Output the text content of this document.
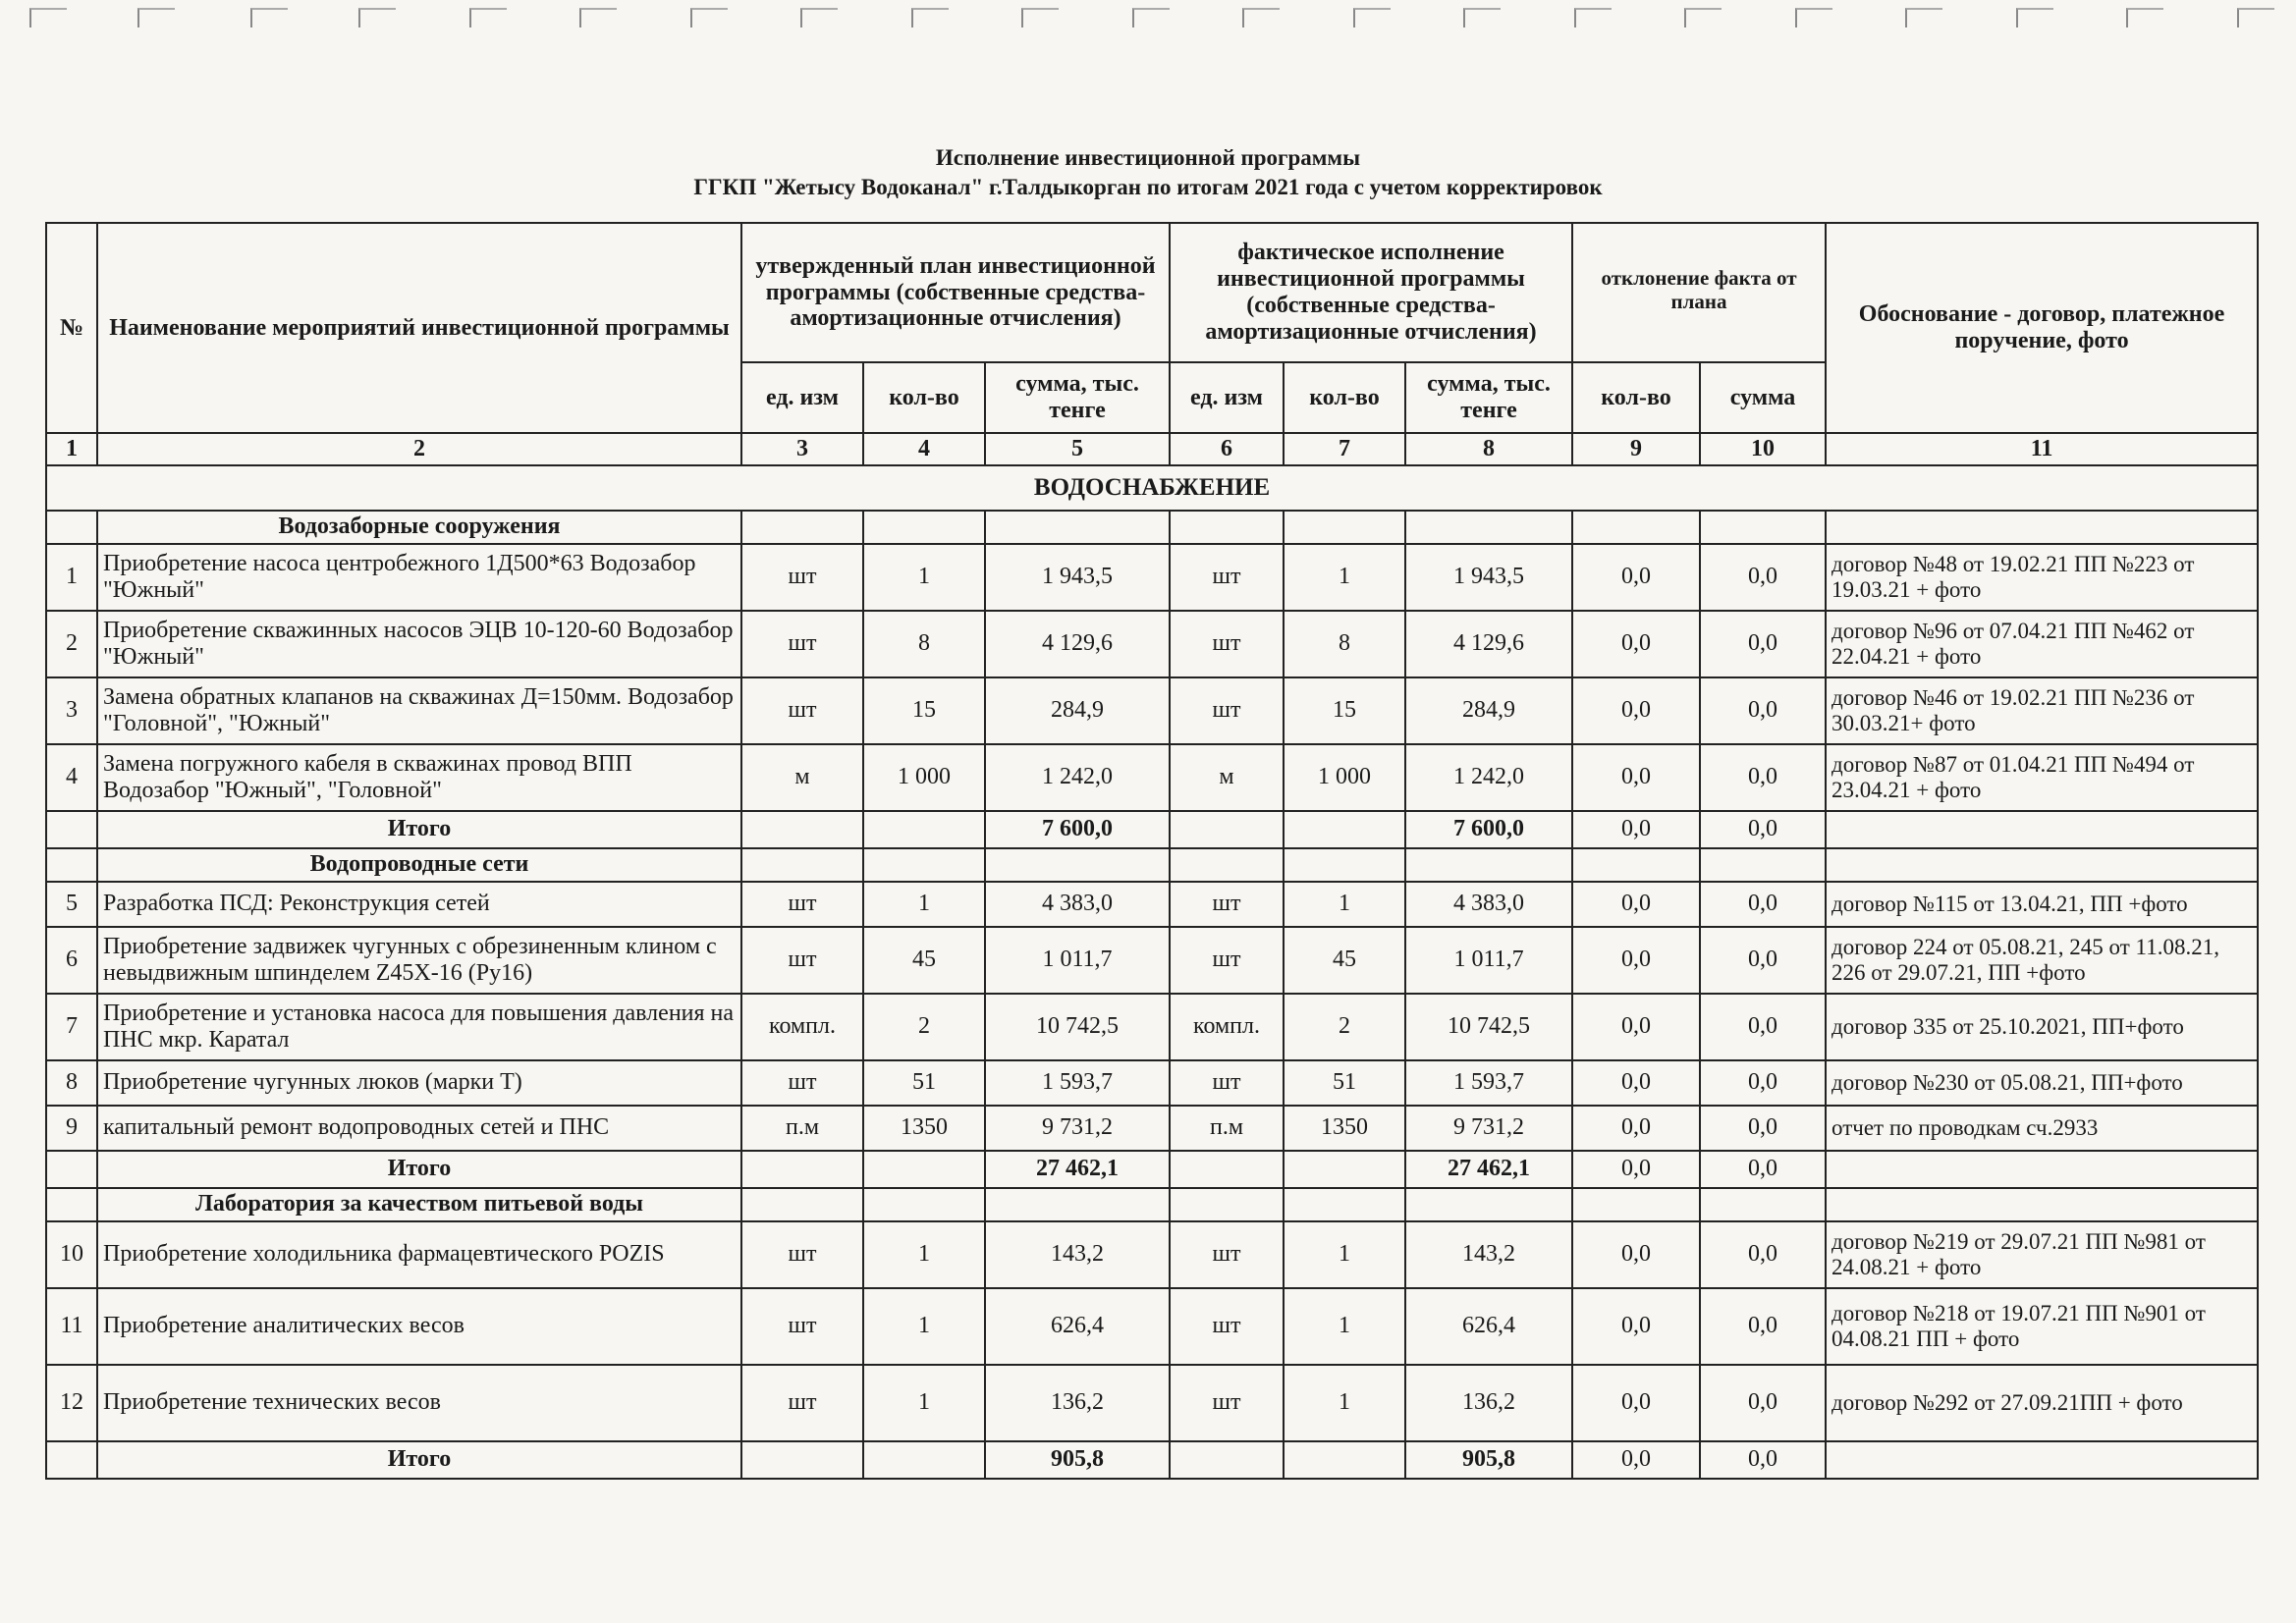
Исполнение инвестиционной программы
ГГКП "Жетысу Водоканал" г.Талдыкорган по итогам 2021 года с учетом корректировок
№	Наименование мероприятий инвестиционной программы	утвержденный план инвестиционной программы (собственные средства-амортизационные отчисления)			фактическое исполнение инвестиционной программы (собственные средства-амортизационные отчисления)			отклонение факта от плана		Обоснование - договор, платежное поручение, фото
		ед. изм	кол-во	сумма, тыс. тенге	ед. изм	кол-во	сумма, тыс. тенге	кол-во	сумма	
1	2	3	4	5	6	7	8	9	10	11
ВОДОСНАБЖЕНИЕ										
	Водозаборные сооружения									
1	Приобретение насоса центробежного 1Д500*63 Водозабор "Южный"	шт	1	1 943,5	шт	1	1 943,5	0,0	0,0	договор №48 от 19.02.21 ПП №223 от 19.03.21 + фото
2	Приобретение скважинных насосов ЭЦВ 10-120-60 Водозабор "Южный"	шт	8	4 129,6	шт	8	4 129,6	0,0	0,0	договор №96 от 07.04.21 ПП №462 от 22.04.21 + фото
3	Замена обратных клапанов на скважинах Д=150мм. Водозабор "Головной", "Южный"	шт	15	284,9	шт	15	284,9	0,0	0,0	договор №46 от 19.02.21 ПП №236 от 30.03.21+ фото
4	Замена погружного кабеля в скважинах провод ВПП Водозабор "Южный", "Головной"	м	1 000	1 242,0	м	1 000	1 242,0	0,0	0,0	договор №87 от 01.04.21 ПП №494 от 23.04.21 + фото
	Итого			7 600,0			7 600,0	0,0	0,0	
	Водопроводные сети									
5	Разработка ПСД: Реконструкция сетей	шт	1	4 383,0	шт	1	4 383,0	0,0	0,0	договор №115 от 13.04.21, ПП +фото
6	Приобретение задвижек чугунных с обрезиненным клином с невыдвижным шпинделем Z45X-16 (Ру16)	шт	45	1 011,7	шт	45	1 011,7	0,0	0,0	договор 224 от 05.08.21, 245 от 11.08.21, 226 от 29.07.21, ПП +фото
7	Приобретение и установка насоса для повышения давления на ПНС мкр. Каратал	компл.	2	10 742,5	компл.	2	10 742,5	0,0	0,0	договор 335 от 25.10.2021, ПП+фото
8	Приобретение чугунных люков (марки Т)	шт	51	1 593,7	шт	51	1 593,7	0,0	0,0	договор №230 от 05.08.21, ПП+фото
9	капитальный ремонт водопроводных сетей и ПНС	п.м	1350	9 731,2	п.м	1350	9 731,2	0,0	0,0	отчет по проводкам сч.2933
	Итого			27 462,1			27 462,1	0,0	0,0	
	Лаборатория за качеством питьевой воды									
10	Приобретение холодильника фармацевтического POZIS	шт	1	143,2	шт	1	143,2	0,0	0,0	договор №219 от 29.07.21 ПП №981 от 24.08.21 + фото
11	Приобретение аналитических весов	шт	1	626,4	шт	1	626,4	0,0	0,0	договор №218 от 19.07.21 ПП №901 от 04.08.21 ПП + фото
12	Приобретение технических весов	шт	1	136,2	шт	1	136,2	0,0	0,0	договор №292 от 27.09.21ПП + фото
	Итого			905,8			905,8	0,0	0,0	
